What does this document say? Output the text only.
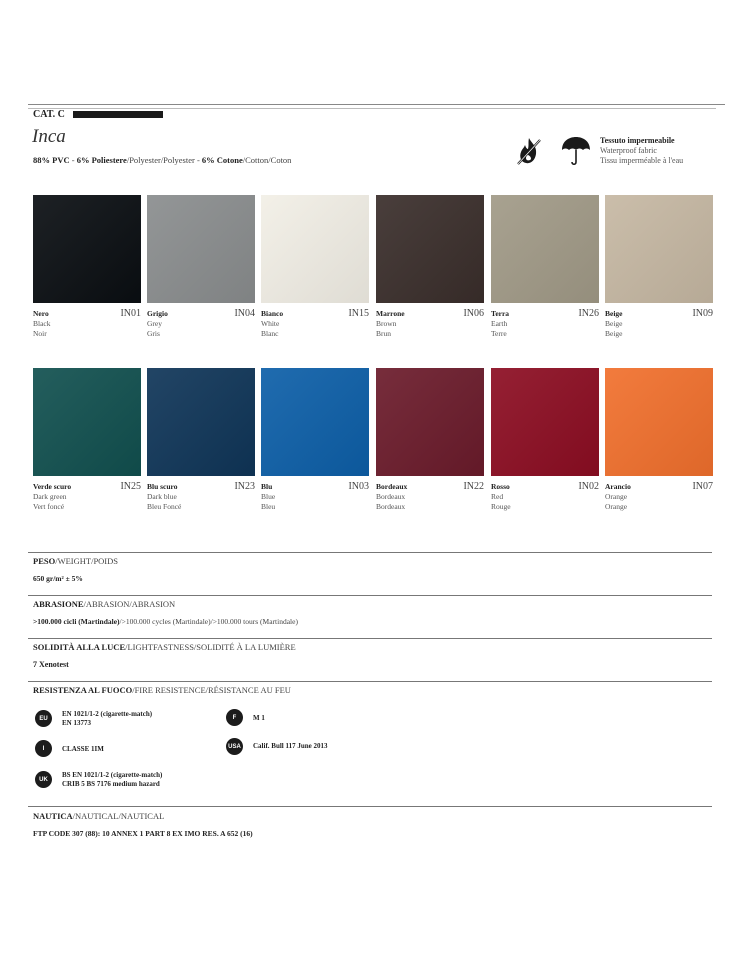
CAT. C
Inca
88% PVC - 6% Poliestere/Polyester/Polyester - 6% Cotone/Cotton/Coton
Tessuto impermeabile
Waterproof fabric
Tissu imperméable à l'eau
Nero
Black
Noir
IN01 Grigio
Grey
Gris
IN04 Bianco
White
Blanc
IN15 Marrone
Brown
Brun
IN06 Terra
Earth
Terre
IN26 Beige
Beige
Beige
IN09
Verde scuro
Dark green
Vert foncé
IN25 Blu scuro
Dark blue
Bleu Foncé
IN23 Blu
Blue
Bleu
IN03 Bordeaux
Bordeaux
Bordeaux
IN22 Rosso
Red
Rouge
IN02 Arancio
Orange
Orange
IN07
PESO/WEIGHT/POIDS
650 gr/m² ± 5%
ABRASIONE/ABRASION/ABRASION
>100.000 cicli (Martindale)/>100.000 cycles (Martindale)/>100.000 tours (Martindale)
SOLIDITÀ ALLA LUCE/LIGHTFASTNESS/SOLIDITÉ À LA LUMIÈRE
7 Xenotest
RESISTENZA AL FUOCO/FIRE RESISTENCE/RÉSISTANCE AU FEU
EU
EN 1021/1-2 (cigarette-match)
EN 13773
I	CLASSE 1IM
UK
BS EN 1021/1-2 (cigarette-match)
CRIB 5 BS 7176 medium hazard
F	M 1
USA	Calif. Bull 117 June 2013
NAUTICA/NAUTICAL/NAUTICAL
FTP CODE 307 (88): 10 ANNEX 1 PART 8 EX IMO RES. A 652 (16)
